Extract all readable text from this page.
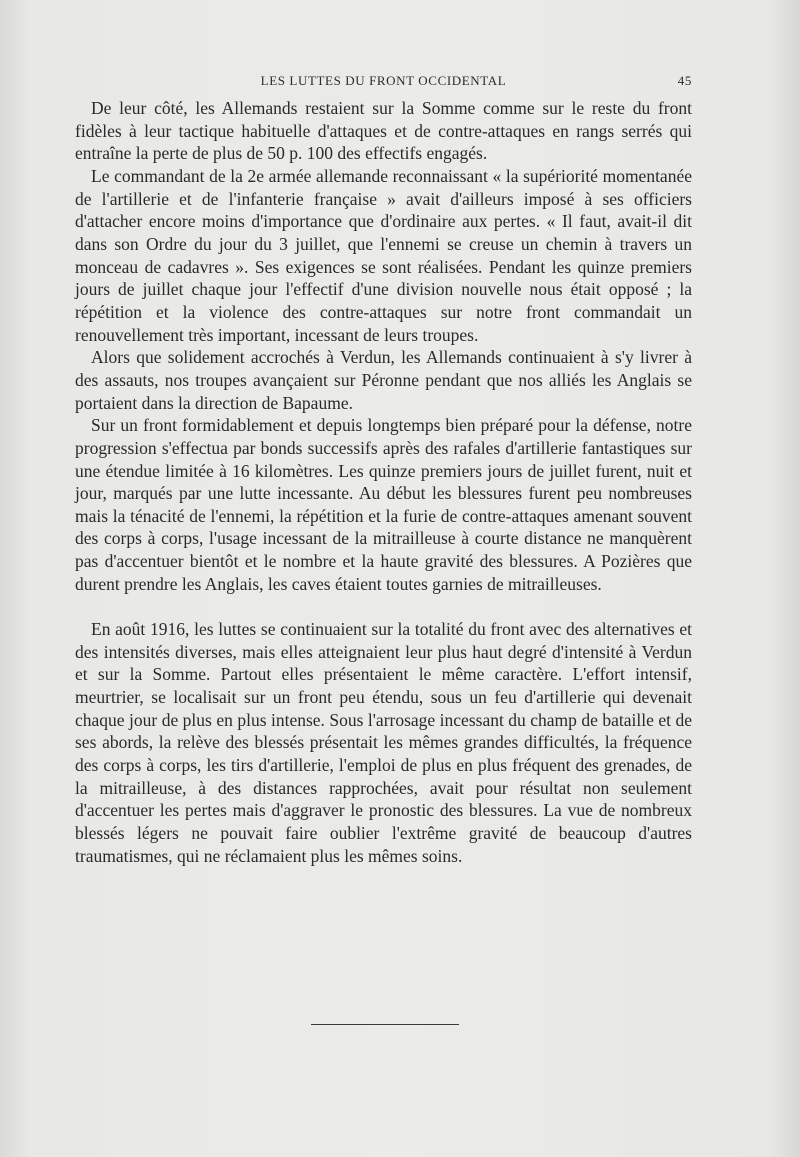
LES LUTTES DU FRONT OCCIDENTAL	45

De leur côté, les Allemands restaient sur la Somme comme sur le reste du front fidèles à leur tactique habituelle d'attaques et de contre-attaques en rangs serrés qui entraîne la perte de plus de 50 p. 100 des effectifs engagés.

Le commandant de la 2e armée allemande reconnaissant « la supériorité momentanée de l'artillerie et de l'infanterie française » avait d'ailleurs imposé à ses officiers d'attacher encore moins d'importance que d'ordinaire aux pertes. « Il faut, avait-il dit dans son Ordre du jour du 3 juillet, que l'ennemi se creuse un chemin à travers un monceau de cadavres ». Ses exigences se sont réalisées. Pendant les quinze premiers jours de juillet chaque jour l'effectif d'une division nouvelle nous était opposé ; la répétition et la violence des contre-attaques sur notre front commandait un renouvellement très important, incessant de leurs troupes.

Alors que solidement accrochés à Verdun, les Allemands continuaient à s'y livrer à des assauts, nos troupes avançaient sur Péronne pendant que nos alliés les Anglais se portaient dans la direction de Bapaume.

Sur un front formidablement et depuis longtemps bien préparé pour la défense, notre progression s'effectua par bonds successifs après des rafales d'artillerie fantastiques sur une étendue limitée à 16 kilomètres. Les quinze premiers jours de juillet furent, nuit et jour, marqués par une lutte incessante. Au début les blessures furent peu nombreuses mais la ténacité de l'ennemi, la répétition et la furie de contre-attaques amenant souvent des corps à corps, l'usage incessant de la mitrailleuse à courte distance ne manquèrent pas d'accentuer bientôt et le nombre et la haute gravité des blessures. A Pozières que durent prendre les Anglais, les caves étaient toutes garnies de mitrailleuses.

En août 1916, les luttes se continuaient sur la totalité du front avec des alternatives et des intensités diverses, mais elles atteignaient leur plus haut degré d'intensité à Verdun et sur la Somme. Partout elles présentaient le même caractère. L'effort intensif, meurtrier, se localisait sur un front peu étendu, sous un feu d'artillerie qui devenait chaque jour de plus en plus intense. Sous l'arrosage incessant du champ de bataille et de ses abords, la relève des blessés présentait les mêmes grandes difficultés, la fréquence des corps à corps, les tirs d'artillerie, l'emploi de plus en plus fréquent des grenades, de la mitrailleuse, à des distances rapprochées, avait pour résultat non seulement d'accentuer les pertes mais d'aggraver le pronostic des blessures. La vue de nombreux blessés légers ne pouvait faire oublier l'extrême gravité de beaucoup d'autres traumatismes, qui ne réclamaient plus les mêmes soins.
